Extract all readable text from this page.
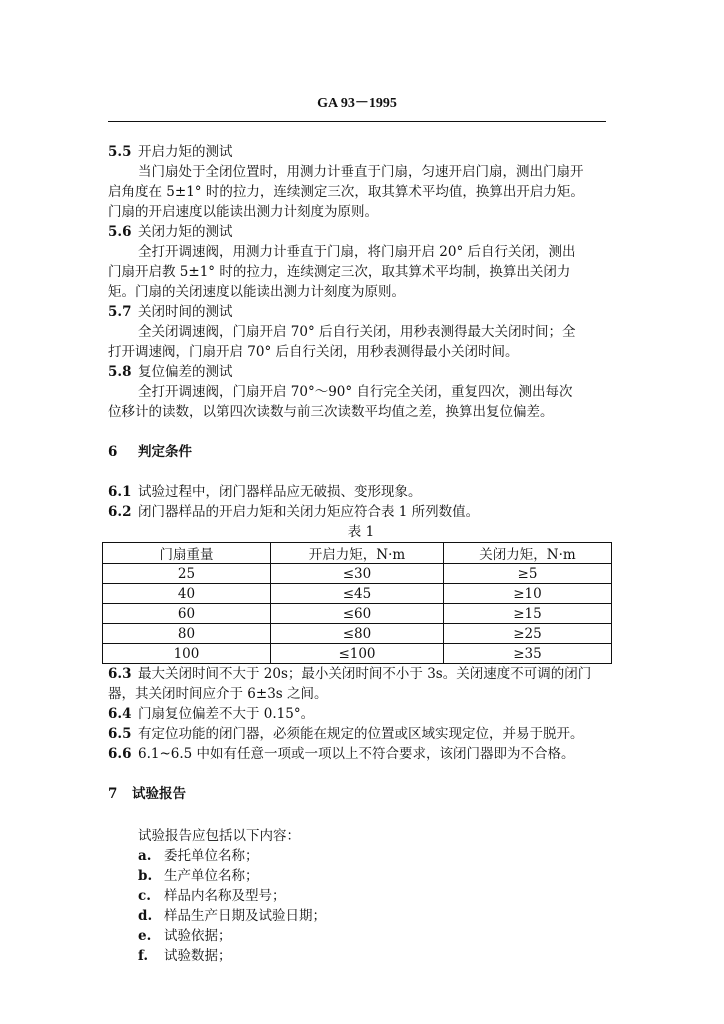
GA 93－1995
5.5 开启力矩的测试
当门扇处于全闭位置时，用测力计垂直于门扇，匀速开启门扇，测出门扇开
启角度在 5±1° 时的拉力，连续测定三次，取其算术平均值，换算出开启力矩。
门扇的开启速度以能读出测力计刻度为原则。
5.6 关闭力矩的测试
全打开调速阀，用测力计垂直于门扇，将门扇开启 20° 后自行关闭，测出
门扇开启教 5±1° 时的拉力，连续测定三次，取其算术平均制，换算出关闭力
矩。门扇的关闭速度以能读出测力计刻度为原则。
5.7 关闭时间的测试
全关闭调速阀，门扇开启 70° 后自行关闭，用秒表测得最大关闭时间；全
打开调速阀，门扇开启 70° 后自行关闭，用秒表测得最小关闭时间。
5.8 复位偏差的测试
全打开调速阀，门扇开启 70°～90° 自行完全关闭，重复四次，测出每次
位移计的读数，以第四次读数与前三次读数平均值之差，换算出复位偏差。
6 判定条件
6.1 试验过程中，闭门器样品应无破损、变形现象。
6.2 闭门器样品的开启力矩和关闭力矩应符合表 1 所列数值。
表 1
门扇重量	开启力矩，N·m	关闭力矩，N·m
25	≤30	≥5
40	≤45	≥10
60	≤60	≥15
80	≤80	≥25
100	≤100	≥35
6.3 最大关闭时间不大于 20s；最小关闭时间不小于 3s。关闭速度不可调的闭门
器，其关闭时间应介于 6±3s 之间。
6.4 门扇复位偏差不大于 0.15°。
6.5 有定位功能的闭门器，必须能在规定的位置或区域实现定位，并易于脱开。
6.6 6.1~6.5 中如有任意一项或一项以上不符合要求，该闭门器即为不合格。
7 试验报告
试验报告应包括以下内容：
a. 委托单位名称；
b. 生产单位名称；
c. 样品内名称及型号；
d. 样品生产日期及试验日期；
e. 试验依据；
f. 试验数据；
